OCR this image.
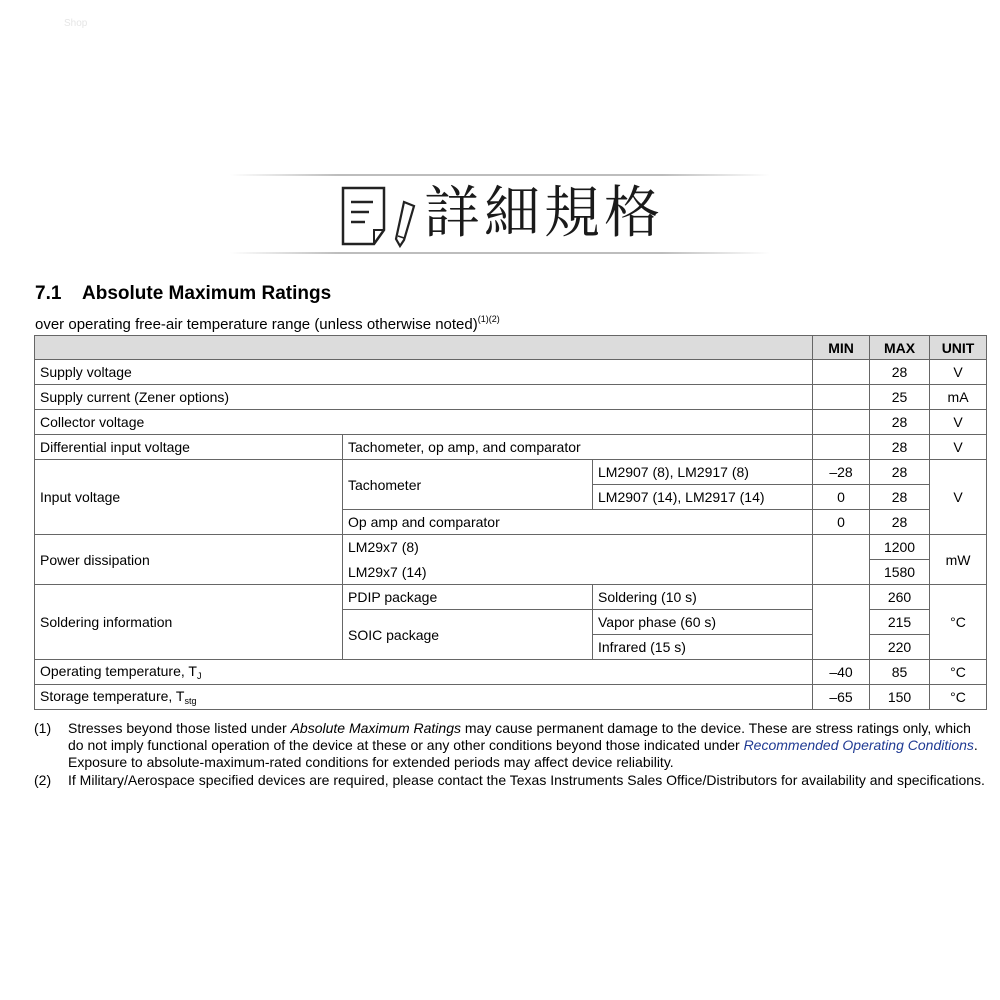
Shop
詳細規格
7.1 Absolute Maximum Ratings
over operating free-air temperature range (unless otherwise noted)$^{(1)(2)}$
			MIN	MAX	UNIT
Supply voltage				28	V
Supply current (Zener options)				25	mA
Collector voltage				28	V
Differential input voltage	Tachometer, op amp, and comparator			28	V
Input voltage	Tachometer	LM2907 (8), LM2917 (8)	–28	28	V
		LM2907 (14), LM2917 (14)	0	28	
	Op amp and comparator		0	28	
Power dissipation	LM29x7 (8)			1200	mW
	LM29x7 (14)			1580	
Soldering information	PDIP package	Soldering (10 s)		260	°C
	SOIC package	Vapor phase (60 s)		215	
		Infrared (15 s)		220	
Operating temperature, $T_J$			–40	85	°C
Storage temperature, $T_{stg}$			–65	150	°C
(1)	Stresses beyond those listed under Absolute Maximum Ratings may cause permanent damage to the device. These are stress ratings only, which do not imply functional operation of the device at these or any other conditions beyond those indicated under Recommended Operating Conditions. Exposure to absolute-maximum-rated conditions for extended periods may affect device reliability.
(2)	If Military/Aerospace specified devices are required, please contact the Texas Instruments Sales Office/Distributors for availability and specifications.
